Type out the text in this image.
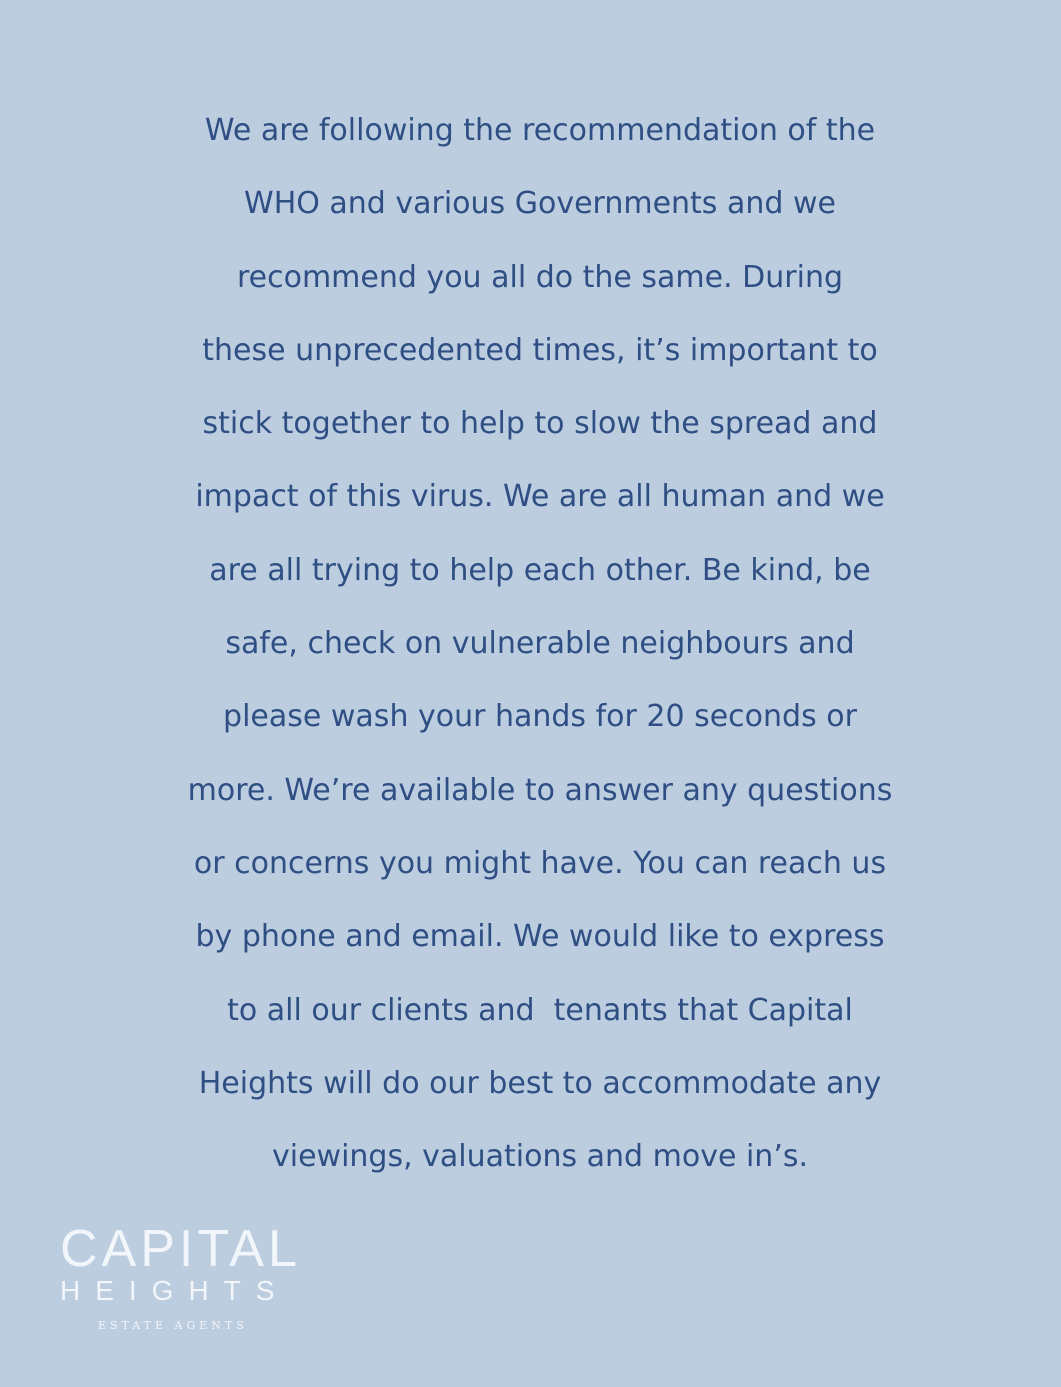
We are following the recommendation of the
WHO and various Governments and we
recommend you all do the same. During
these unprecedented times, it’s important to
stick together to help to slow the spread and
impact of this virus. We are all human and we
are all trying to help each other. Be kind, be
safe, check on vulnerable neighbours and
please wash your hands for 20 seconds or
more. We’re available to answer any questions
or concerns you might have. You can reach us
by phone and email. We would like to express
to all our clients and  tenants that Capital
Heights will do our best to accommodate any
viewings, valuations and move in’s.
CAPITAL
HEIGHTS
ESTATE AGENTS
